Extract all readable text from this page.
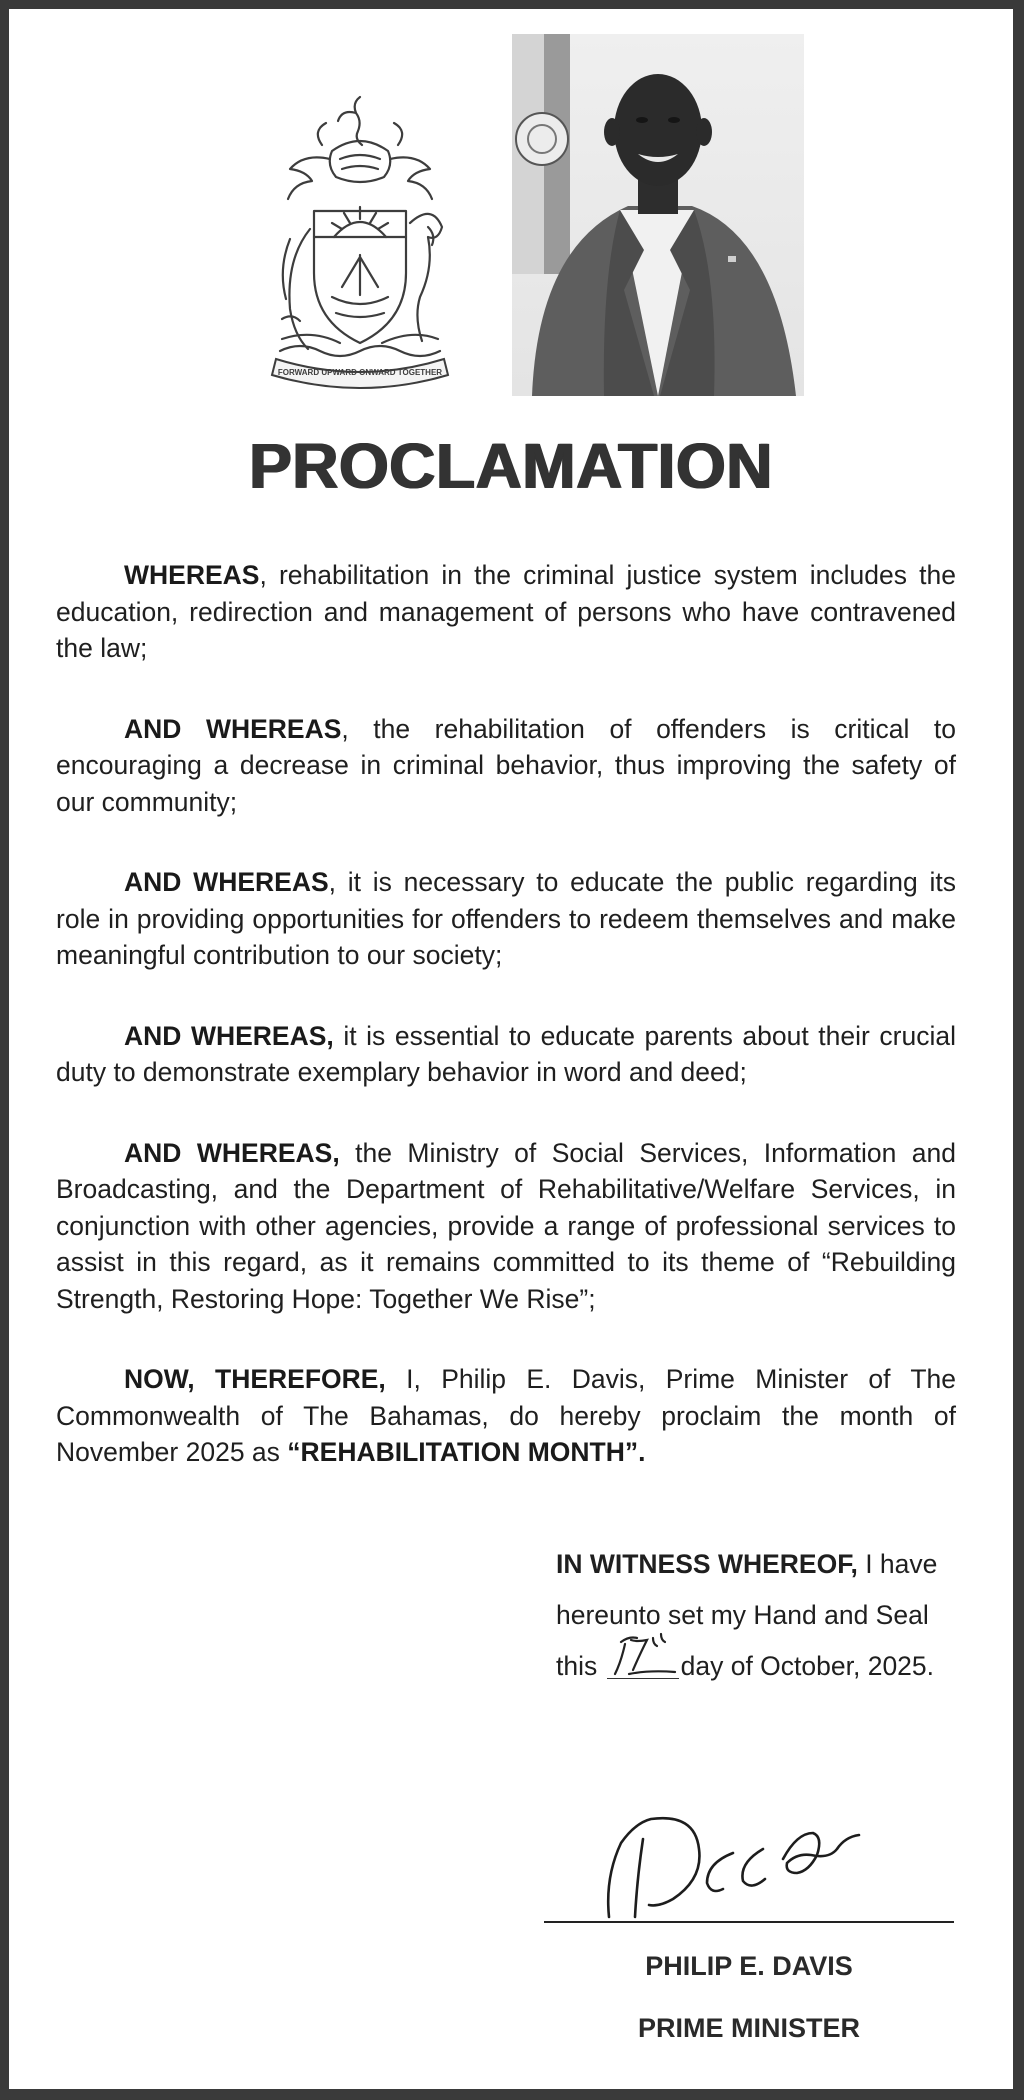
FORWARD UPWARD ONWARD TOGETHER
PROCLAMATION

WHEREAS, rehabilitation in the criminal justice system includes the education, redirection and management of persons who have contravened the law;

AND WHEREAS, the rehabilitation of offenders is critical to encouraging a decrease in criminal behavior, thus improving the safety of our community;

AND WHEREAS, it is necessary to educate the public regarding its role in providing opportunities for offenders to redeem themselves and make meaningful contribution to our society;

AND WHEREAS, it is essential to educate parents about their crucial duty to demonstrate exemplary behavior in word and deed;

AND WHEREAS, the Ministry of Social Services, Information and Broadcasting, and the Department of Rehabilitative/Welfare Services, in conjunction with other agencies, provide a range of professional services to assist in this regard, as it remains committed to its theme of “Rebuilding Strength, Restoring Hope: Together We Rise”;

NOW, THEREFORE, I, Philip E. Davis, Prime Minister of The Commonwealth of The Bahamas, do hereby proclaim the month of November 2025 as “REHABILITATION MONTH”.

IN WITNESS WHEREOF, I have
hereunto set my Hand and Seal
this	day of October, 2025.
PHILIP E. DAVIS
PRIME MINISTER
